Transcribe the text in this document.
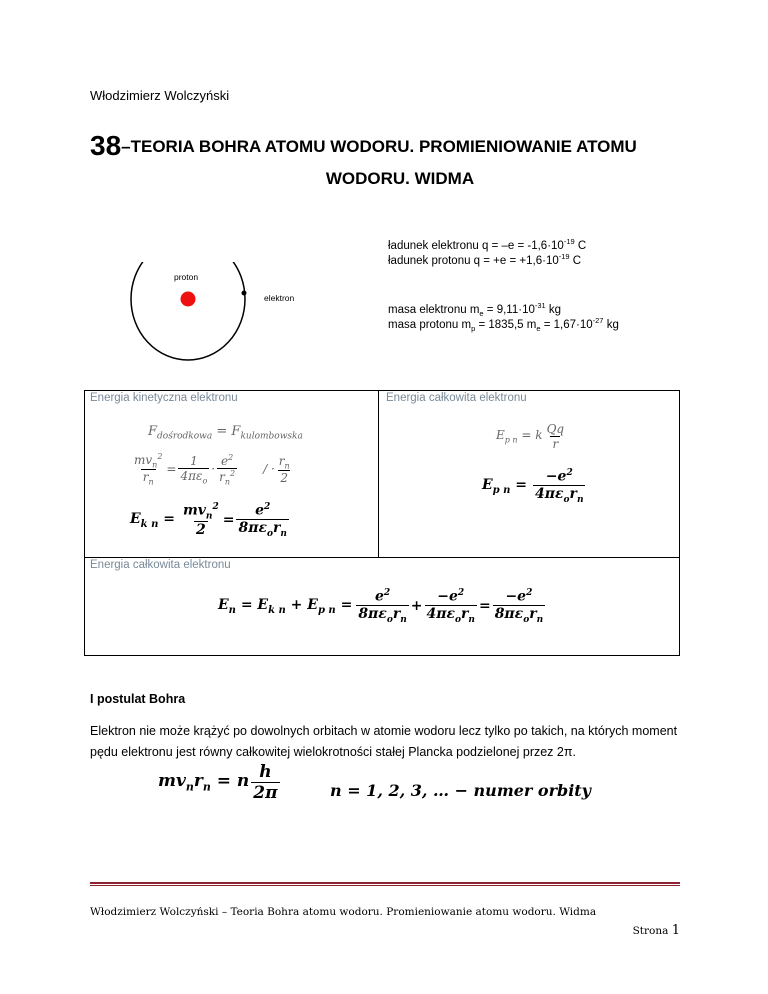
Włodzimierz Wolczyński
38–TEORIA BOHRA ATOMU WODORU. PROMIENIOWANIE ATOMU
WODORU. WIDMA
proton
elektron
ładunek elektronu $q = -e = -1,6\cdot 10^{-19}$ C
ładunek protonu $q = +e = +1,6\cdot 10^{-19}$ C
masa elektronu $m_e = 9,11\cdot 10^{-31}$ kg
masa protonu $m_p = 1835,5$ $m_e = 1,67\cdot 10^{-27}$ kg
Energia kinetyczna elektronu	Energia całkowita elektronu
Energia całkowita elektronu
$F_{dośrodkowa} = F_{kulombowska}$
$\frac{mv_n^2}{r_n} = \frac{1}{4\pi\varepsilon_o} \cdot \frac{e^2}{r_n^2}$ / · $\frac{r_n}{2}$
$E_{k n} = \frac{mv_n^2}{2} = \frac{e^2}{8\pi\varepsilon_or_n}$
$E_{p n} = k \frac{Qq}{r}$
$E_{p n} = \frac{-e^2}{4\pi\varepsilon_or_n}$
$E_n = E_{k n} + E_{p n} = \frac{e^2}{8\pi\varepsilon_or_n} + \frac{-e^2}{4\pi\varepsilon_or_n} = \frac{-e^2}{8\pi\varepsilon_or_n}$
I postulat Bohra
Elektron nie może krążyć po dowolnych orbitach w atomie wodoru lecz tylko po takich, na których moment pędu elektronu jest równy całkowitej wielokrotności stałej Plancka podzielonej przez 2π.
$mv_nr_n = n \frac{h}{2\pi}$	n = 1, 2, 3, … − numer orbity
Włodzimierz Wolczyński – Teoria Bohra atomu wodoru. Promieniowanie atomu wodoru. Widma
Strona 1
